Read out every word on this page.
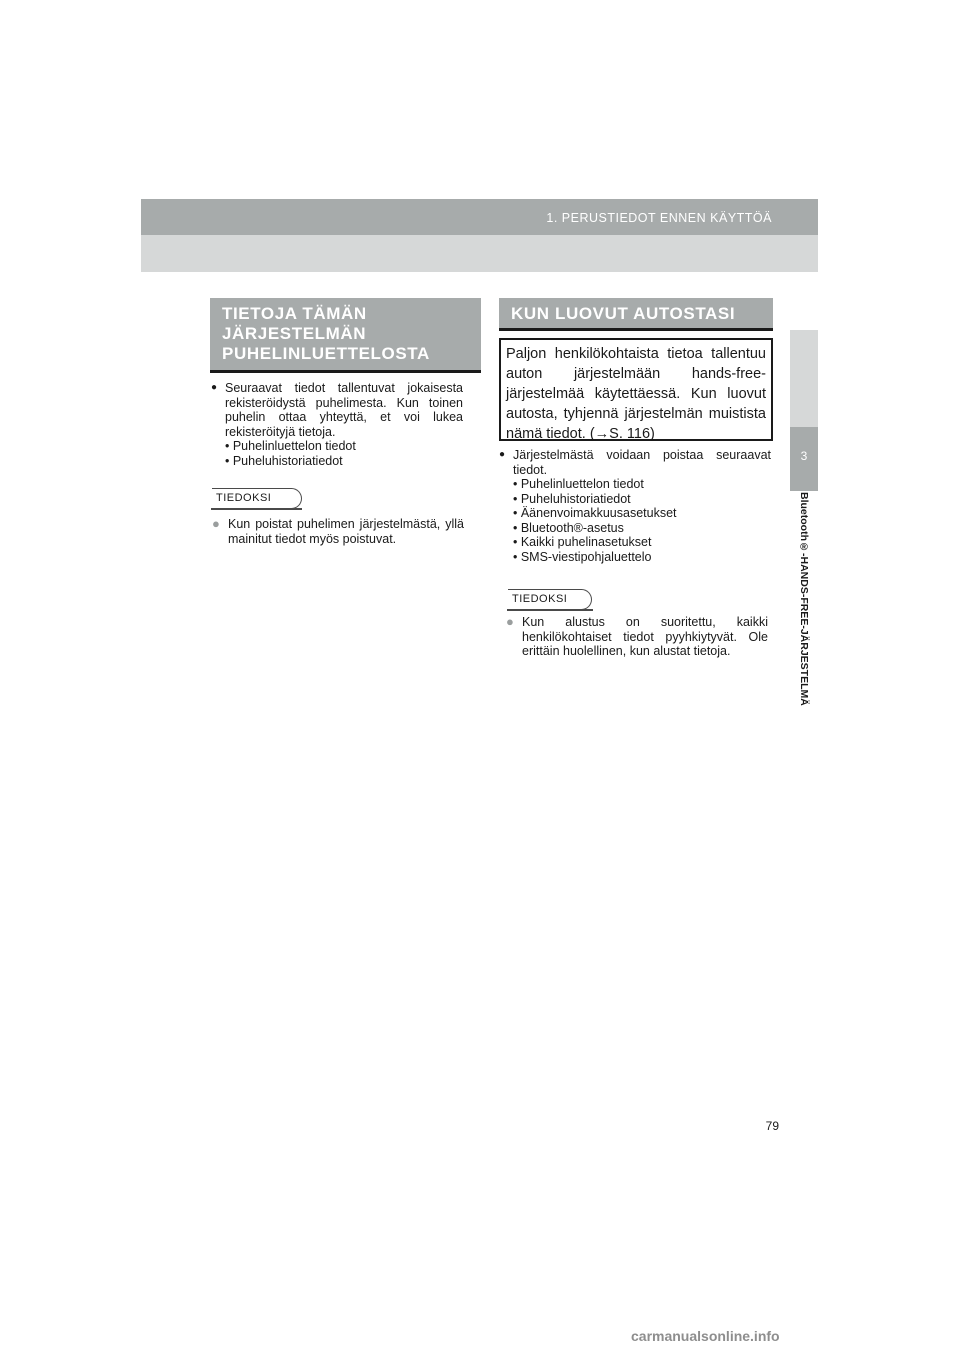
1. PERUSTIEDOT ENNEN KÄYTTÖÄ
3
Bluetooth®-HANDS-FREE-JÄRJESTELMÄ
TIETOJA TÄMÄN
JÄRJESTELMÄN
PUHELINLUETTELOSTA
● Seuraavat tiedot tallentuvat jokaisesta rekisteröidystä puhelimesta. Kun toinen puhelin ottaa yhteyttä, et voi lukea rekisteröityjä tietoja.
• Puhelinluettelon tiedot
• Puheluhistoriatiedot
TIEDOKSI
● Kun poistat puhelimen järjestelmästä, yllä mainitut tiedot myös poistuvat.
KUN LUOVUT AUTOSTASI
Paljon henkilökohtaista tietoa tallentuu auton järjestelmään hands-free-järjestelmää käytettäessä. Kun luovut autosta, tyhjennä järjestelmän muistista nämä tiedot. (→S. 116)
● Järjestelmästä voidaan poistaa seuraavat tiedot.
• Puhelinluettelon tiedot
• Puheluhistoriatiedot
• Äänenvoimakkuusasetukset
• Bluetooth®-asetus
• Kaikki puhelinasetukset
• SMS-viestipohjaluettelo
TIEDOKSI
● Kun alustus on suoritettu, kaikki henkilökohtaiset tiedot pyyhkiytyvät. Ole erittäin huolellinen, kun alustat tietoja.
79
carmanualsonline.info
